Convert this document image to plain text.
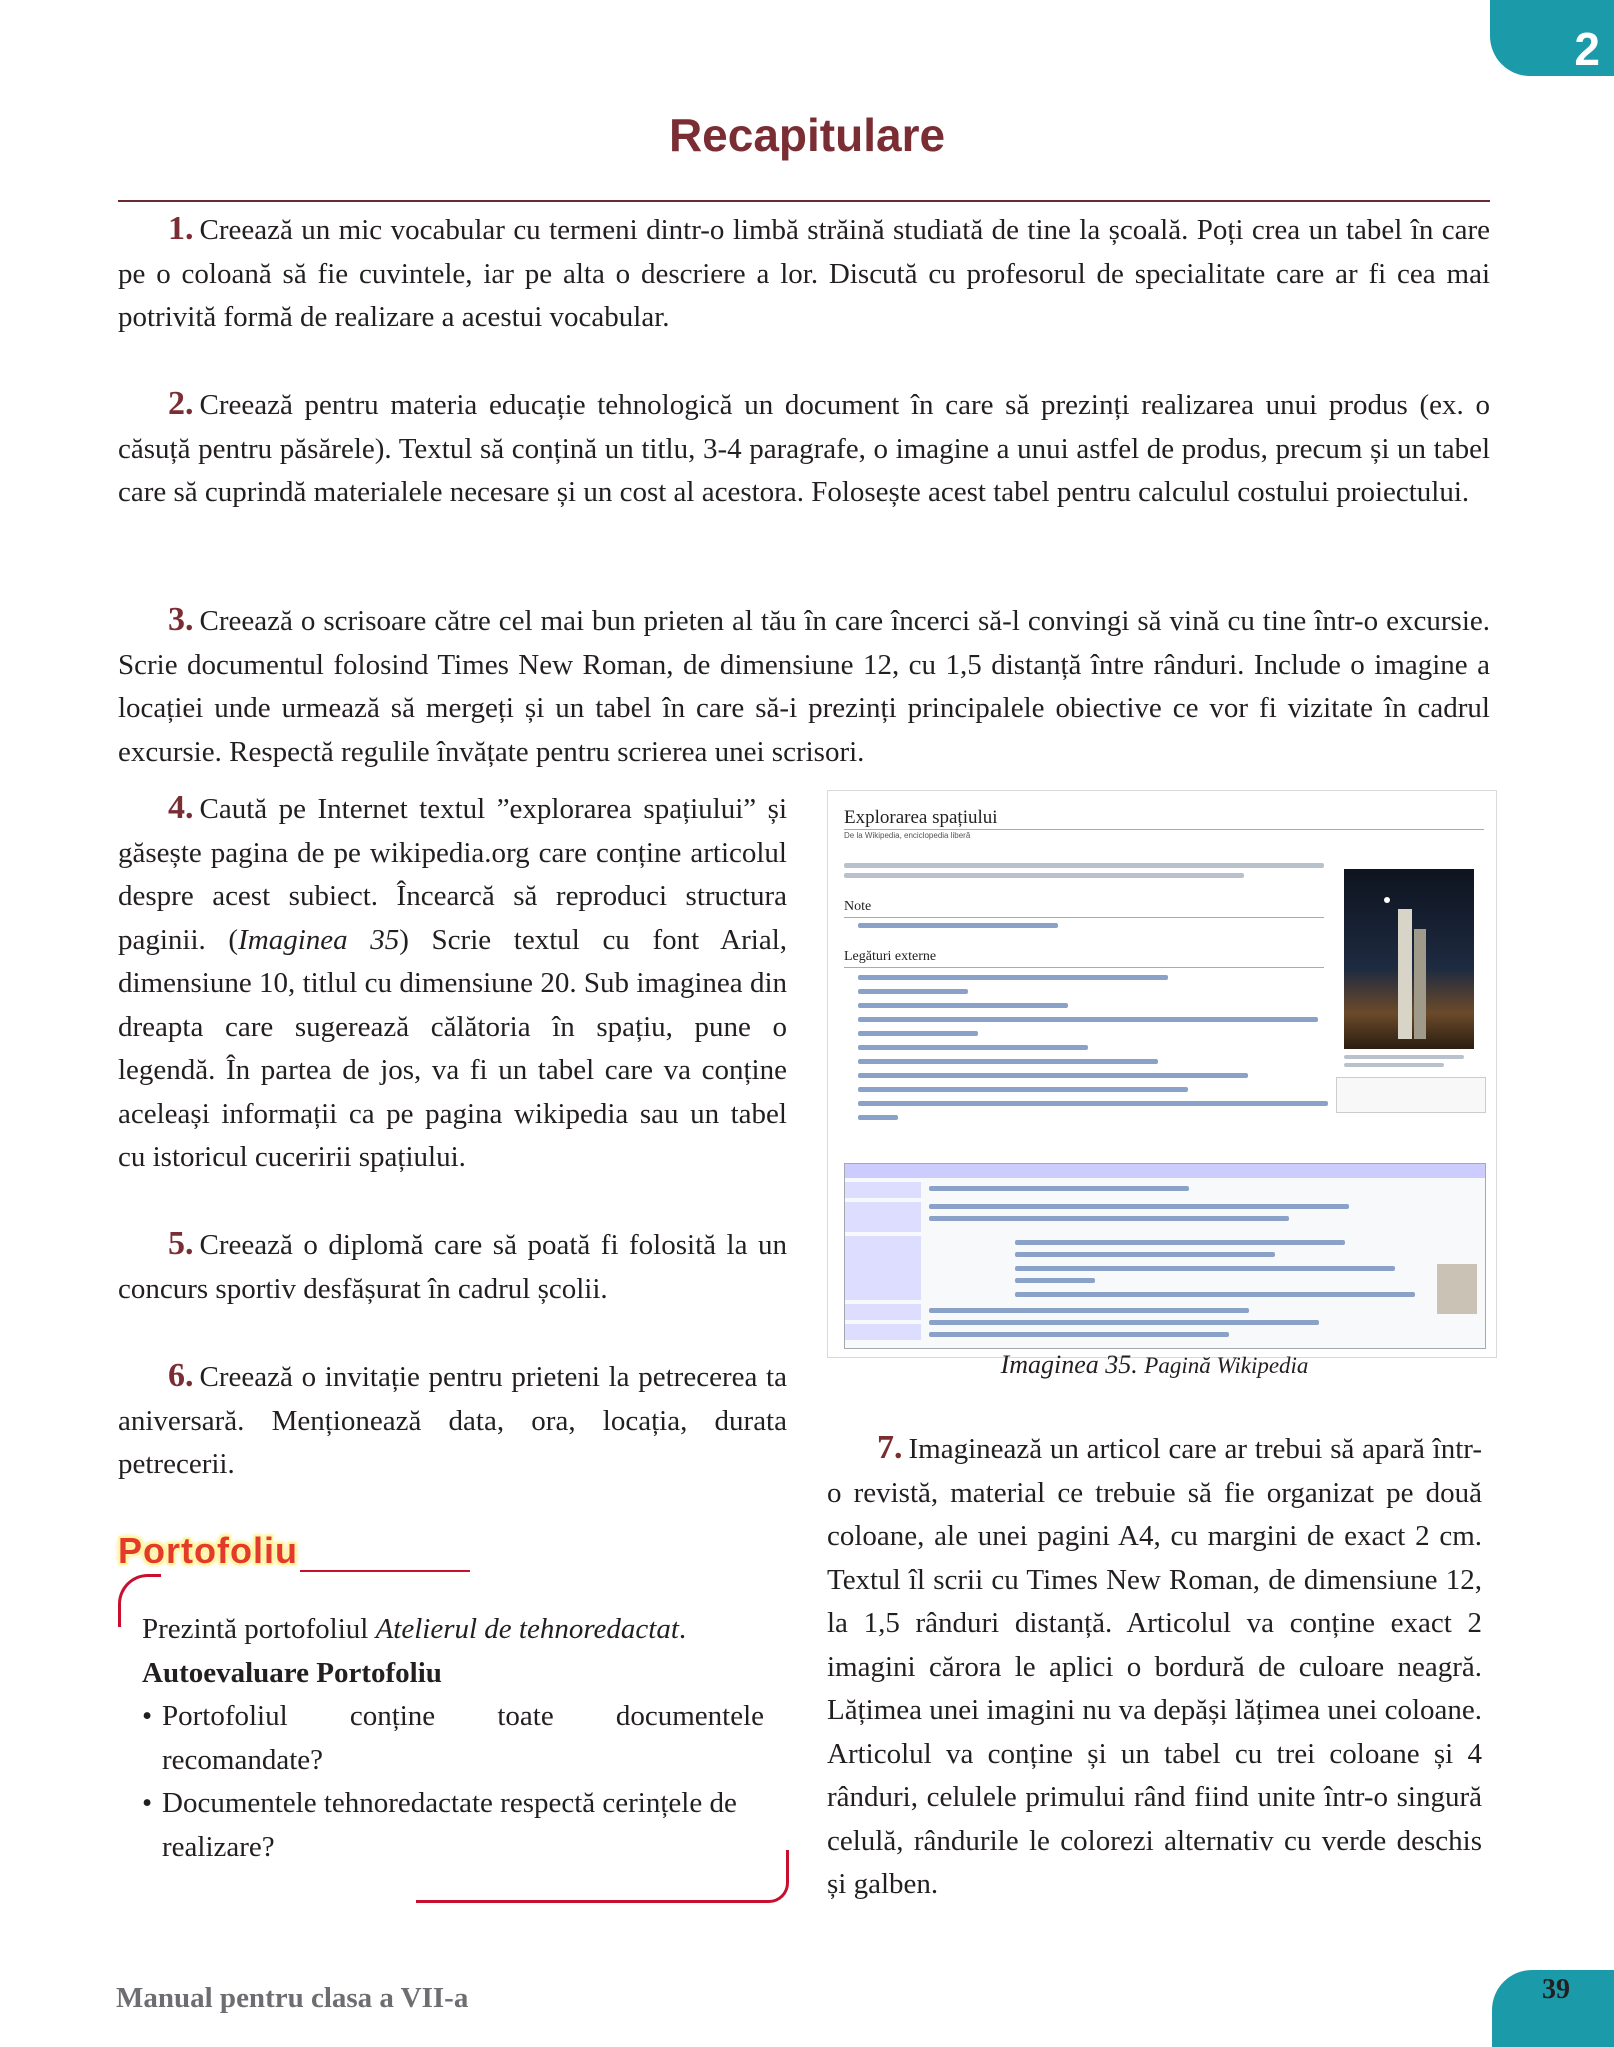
2
Recapitulare
1. Creează un mic vocabular cu termeni dintr-o limbă străină studiată de tine la școală. Poți crea un tabel în care pe o coloană să fie cuvintele, iar pe alta o descriere a lor. Discută cu profesorul de specialitate care ar fi cea mai potrivită formă de realizare a acestui vocabular.
2. Creează pentru materia educație tehnologică un document în care să prezinți realizarea unui produs (ex. o căsuță pentru păsărele). Textul să conțină un titlu, 3-4 paragrafe, o imagine a unui astfel de produs, precum și un tabel care să cuprindă materialele necesare și un cost al acestora. Folosește acest tabel pentru calculul costului proiectului.
3. Creează o scrisoare către cel mai bun prieten al tău în care încerci să-l convingi să vină cu tine într-o excursie. Scrie documentul folosind Times New Roman, de dimensiune 12, cu 1,5 distanță între rânduri. Include o imagine a locației unde urmează să mergeți și un tabel în care să-i prezinți principalele obiective ce vor fi vizitate în cadrul excursie. Respectă regulile învățate pentru scrierea unei scrisori.
4. Caută pe Internet textul ”explorarea spațiului” și găsește pagina de pe wikipedia.org care conține articolul despre acest subiect. Încearcă să reproduci structura paginii. (Imaginea 35) Scrie textul cu font Arial, dimensiune 10, titlul cu dimensiune 20. Sub imaginea din dreapta care sugerează călătoria în spațiu, pune o legendă. În partea de jos, va fi un tabel care va conține aceleași informații ca pe pagina wikipedia sau un tabel cu istoricul cuceririi spațiului.
5. Creează o diplomă care să poată fi folosită la un concurs sportiv desfășurat în cadrul școlii.
6. Creează o invitație pentru prieteni la petrecerea ta aniversară. Menționează data, ora, locația, durata petrecerii.
Explorarea spațiului
De la Wikipedia, enciclopedia liberă
Note
Legături externe
Imaginea 35. Pagină Wikipedia
7. Imaginează un articol care ar trebui să apară într-o revistă, material ce trebuie să fie organizat pe două coloane, ale unei pagini A4, cu margini de exact 2 cm. Textul îl scrii cu Times New Roman, de dimensiune 12, la 1,5 rânduri distanță. Articolul va conține exact 2 imagini cărora le aplici o bordură de culoare neagră. Lățimea unei imagini nu va depăși lățimea unei coloane. Articolul va conține și un tabel cu trei coloane și 4 rânduri, celulele primului rând fiind unite într-o singură celulă, rândurile le colorezi alternativ cu verde deschis și galben.
Portofoliu
Prezintă portofoliul Atelierul de tehnoredactat.
Autoevaluare Portofoliu
• Portofoliul conține toate documentele recomandate?
• Documentele tehnoredactate respectă cerințele de realizare?
Manual pentru clasa a VII-a	39
